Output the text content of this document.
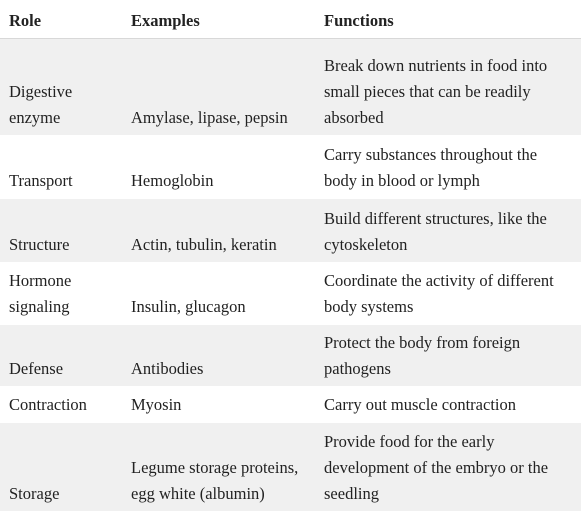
Role	Examples	Functions
Digestive enzyme	Amylase, lipase, pepsin	Break down nutrients in food into small pieces that can be readily absorbed
Transport	Hemoglobin	Carry substances throughout the body in blood or lymph
Structure	Actin, tubulin, keratin	Build different structures, like the cytoskeleton
Hormone signaling	Insulin, glucagon	Coordinate the activity of different body systems
Defense	Antibodies	Protect the body from foreign pathogens
Contraction	Myosin	Carry out muscle contraction
Storage	Legume storage proteins, egg white (albumin)	Provide food for the early development of the embryo or the seedling
